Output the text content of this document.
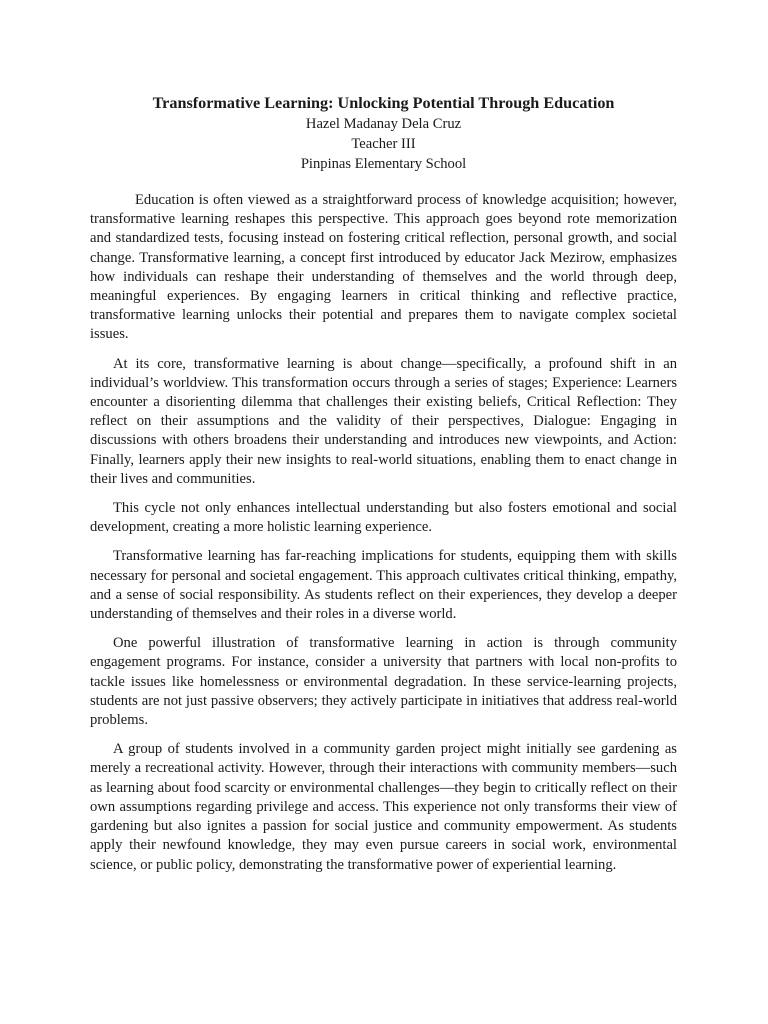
Transformative Learning: Unlocking Potential Through Education

Hazel Madanay Dela Cruz

Teacher III

Pinpinas Elementary School

Education is often viewed as a straightforward process of knowledge acquisition; however, transformative learning reshapes this perspective. This approach goes beyond rote memorization and standardized tests, focusing instead on fostering critical reflection, personal growth, and social change. Transformative learning, a concept first introduced by educator Jack Mezirow, emphasizes how individuals can reshape their understanding of themselves and the world through deep, meaningful experiences. By engaging learners in critical thinking and reflective practice, transformative learning unlocks their potential and prepares them to navigate complex societal issues.

At its core, transformative learning is about change—specifically, a profound shift in an individual’s worldview. This transformation occurs through a series of stages; Experience: Learners encounter a disorienting dilemma that challenges their existing beliefs, Critical Reflection: They reflect on their assumptions and the validity of their perspectives, Dialogue: Engaging in discussions with others broadens their understanding and introduces new viewpoints, and Action: Finally, learners apply their new insights to real-world situations, enabling them to enact change in their lives and communities.

This cycle not only enhances intellectual understanding but also fosters emotional and social development, creating a more holistic learning experience.

Transformative learning has far-reaching implications for students, equipping them with skills necessary for personal and societal engagement. This approach cultivates critical thinking, empathy, and a sense of social responsibility. As students reflect on their experiences, they develop a deeper understanding of themselves and their roles in a diverse world.

One powerful illustration of transformative learning in action is through community engagement programs. For instance, consider a university that partners with local non-profits to tackle issues like homelessness or environmental degradation. In these service-learning projects, students are not just passive observers; they actively participate in initiatives that address real-world problems.

A group of students involved in a community garden project might initially see gardening as merely a recreational activity. However, through their interactions with community members—such as learning about food scarcity or environmental challenges—they begin to critically reflect on their own assumptions regarding privilege and access. This experience not only transforms their view of gardening but also ignites a passion for social justice and community empowerment. As students apply their newfound knowledge, they may even pursue careers in social work, environmental science, or public policy, demonstrating the transformative power of experiential learning.
